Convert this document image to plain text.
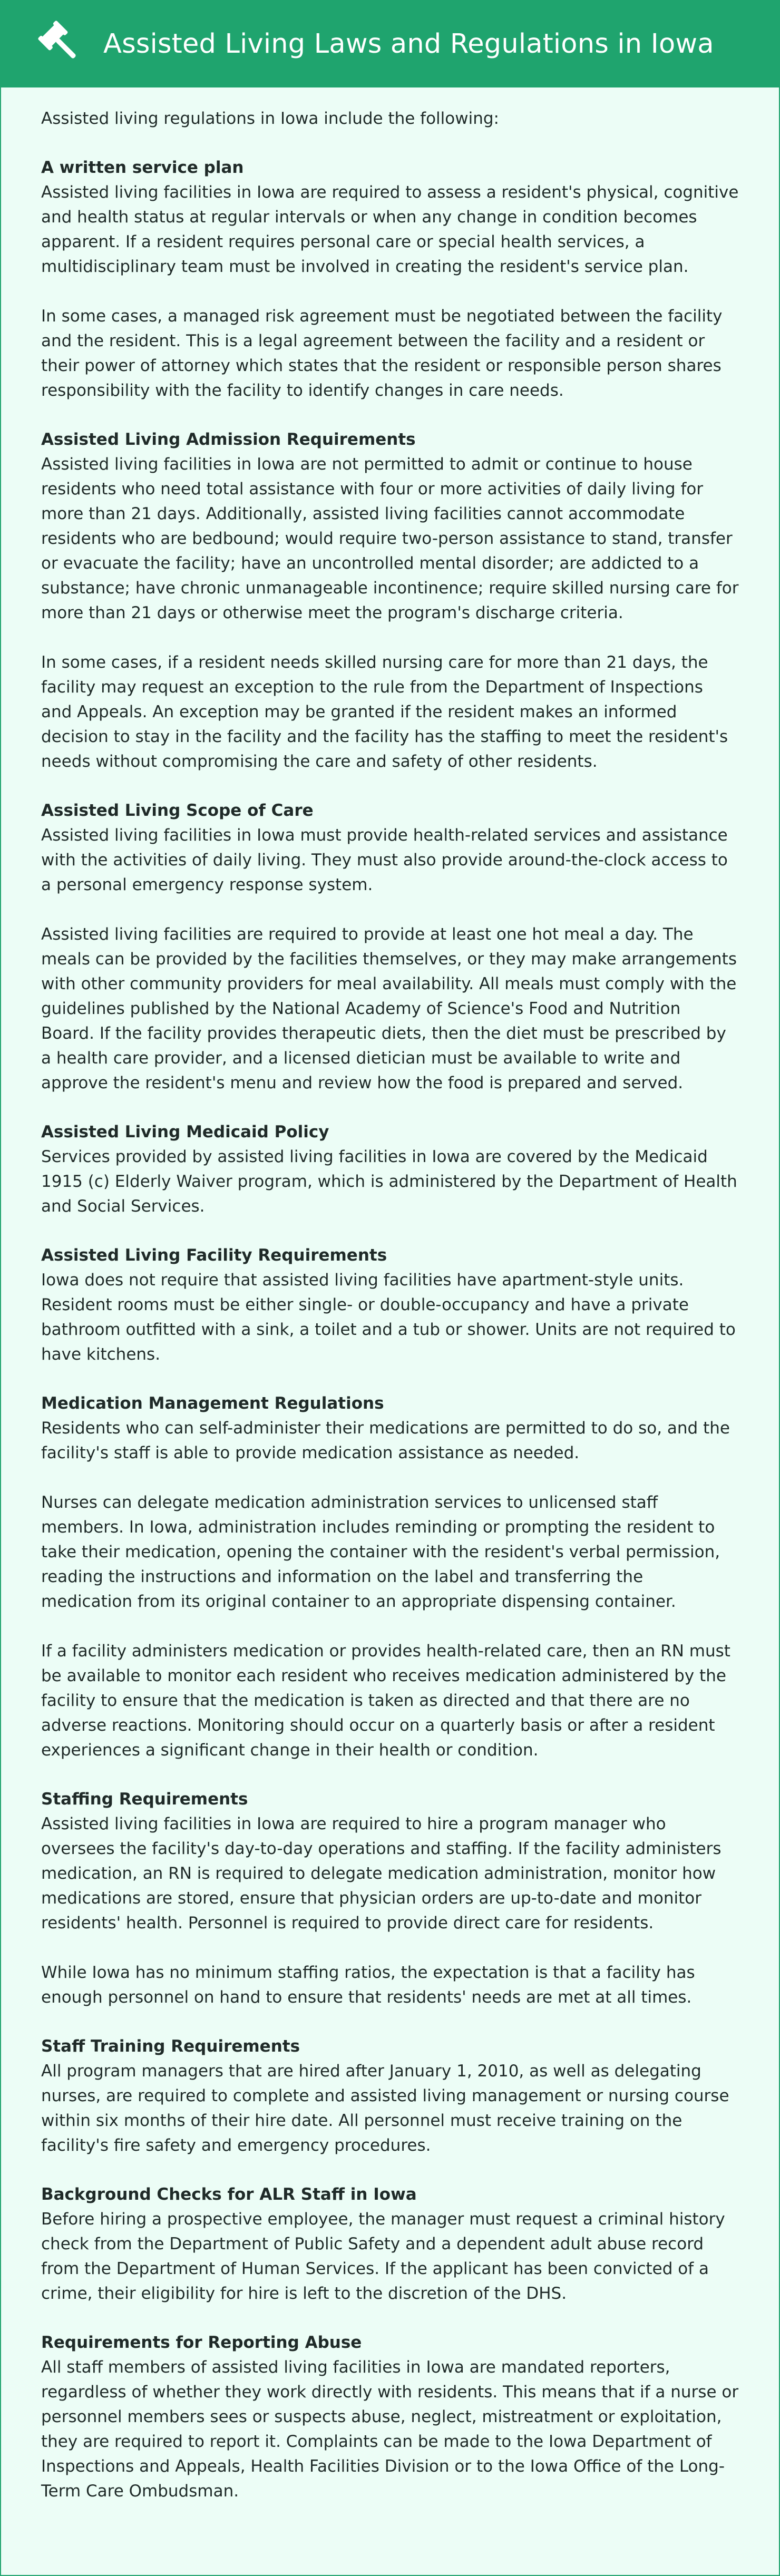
Assisted Living Laws and Regulations in Iowa

Assisted living regulations in Iowa include the following:

A written service plan

Assisted living facilities in Iowa are required to assess a resident's physical, cognitive and health status at regular intervals or when any change in condition becomes apparent. If a resident requires personal care or special health services, a multidisciplinary team must be involved in creating the resident's service plan.

In some cases, a managed risk agreement must be negotiated between the facility and the resident. This is a legal agreement between the facility and a resident or their power of attorney which states that the resident or responsible person shares responsibility with the facility to identify changes in care needs.

Assisted Living Admission Requirements

Assisted living facilities in Iowa are not permitted to admit or continue to house residents who need total assistance with four or more activities of daily living for more than 21 days. Additionally, assisted living facilities cannot accommodate residents who are bedbound; would require two-person assistance to stand, transfer or evacuate the facility; have an uncontrolled mental disorder; are addicted to a substance; have chronic unmanageable incontinence; require skilled nursing care for more than 21 days or otherwise meet the program's discharge criteria.

In some cases, if a resident needs skilled nursing care for more than 21 days, the facility may request an exception to the rule from the Department of Inspections and Appeals. An exception may be granted if the resident makes an informed decision to stay in the facility and the facility has the staffing to meet the resident's needs without compromising the care and safety of other residents.

Assisted Living Scope of Care

Assisted living facilities in Iowa must provide health-related services and assistance with the activities of daily living. They must also provide around-the-clock access to a personal emergency response system.

Assisted living facilities are required to provide at least one hot meal a day. The meals can be provided by the facilities themselves, or they may make arrangements with other community providers for meal availability. All meals must comply with the guidelines published by the National Academy of Science's Food and Nutrition Board. If the facility provides therapeutic diets, then the diet must be prescribed by a health care provider, and a licensed dietician must be available to write and approve the resident's menu and review how the food is prepared and served.

Assisted Living Medicaid Policy

Services provided by assisted living facilities in Iowa are covered by the Medicaid 1915 (c) Elderly Waiver program, which is administered by the Department of Health and Social Services.

Assisted Living Facility Requirements

Iowa does not require that assisted living facilities have apartment-style units. Resident rooms must be either single- or double-occupancy and have a private bathroom outfitted with a sink, a toilet and a tub or shower. Units are not required to have kitchens.

Medication Management Regulations

Residents who can self-administer their medications are permitted to do so, and the facility's staff is able to provide medication assistance as needed.

Nurses can delegate medication administration services to unlicensed staff members. In Iowa, administration includes reminding or prompting the resident to take their medication, opening the container with the resident's verbal permission, reading the instructions and information on the label and transferring the medication from its original container to an appropriate dispensing container.

If a facility administers medication or provides health-related care, then an RN must be available to monitor each resident who receives medication administered by the facility to ensure that the medication is taken as directed and that there are no adverse reactions. Monitoring should occur on a quarterly basis or after a resident experiences a significant change in their health or condition.

Staffing Requirements

Assisted living facilities in Iowa are required to hire a program manager who oversees the facility's day-to-day operations and staffing. If the facility administers medication, an RN is required to delegate medication administration, monitor how medications are stored, ensure that physician orders are up-to-date and monitor residents' health. Personnel is required to provide direct care for residents.

While Iowa has no minimum staffing ratios, the expectation is that a facility has enough personnel on hand to ensure that residents' needs are met at all times.

Staff Training Requirements

All program managers that are hired after January 1, 2010, as well as delegating nurses, are required to complete and assisted living management or nursing course within six months of their hire date. All personnel must receive training on the facility's fire safety and emergency procedures.

Background Checks for ALR Staff in Iowa

Before hiring a prospective employee, the manager must request a criminal history check from the Department of Public Safety and a dependent adult abuse record from the Department of Human Services. If the applicant has been convicted of a crime, their eligibility for hire is left to the discretion of the DHS.

Requirements for Reporting Abuse

All staff members of assisted living facilities in Iowa are mandated reporters, regardless of whether they work directly with residents. This means that if a nurse or personnel members sees or suspects abuse, neglect, mistreatment or exploitation, they are required to report it. Complaints can be made to the Iowa Department of Inspections and Appeals, Health Facilities Division or to the Iowa Office of the Long-Term Care Ombudsman.
